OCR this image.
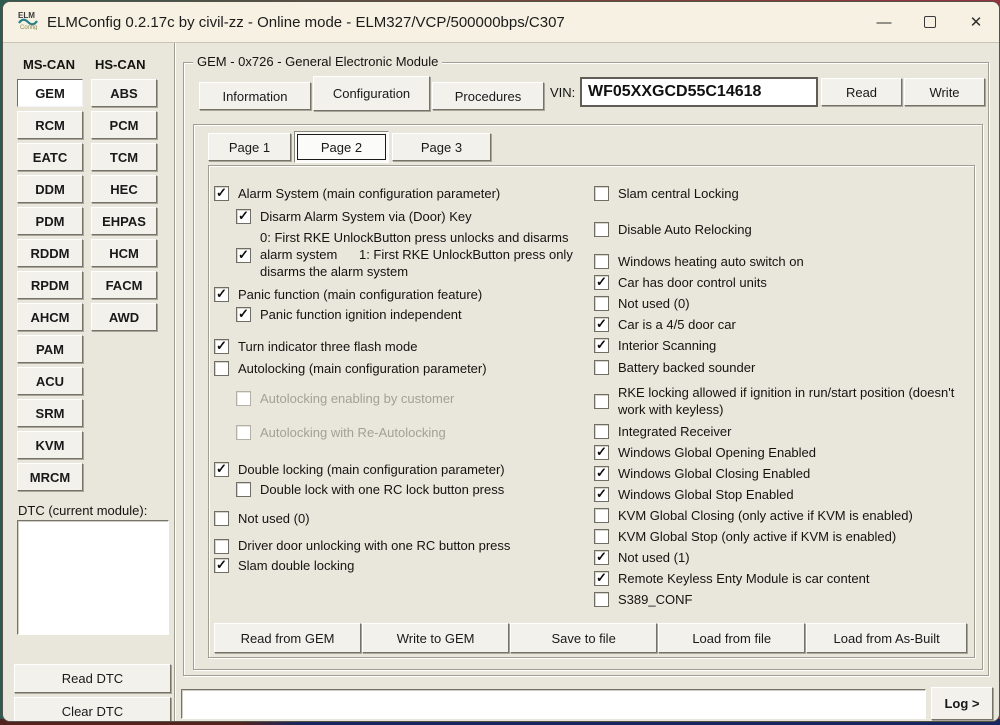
ELM
Config ELMConfig 0.2.17c by civil-zz - Online mode - ELM327/VCP/500000bps/C307	—	✕
MS-CAN HS-CAN
GEM
RCM
EATC
DDM
PDM
RDDM
RPDM
AHCM
PAM
ACU
SRM
KVM
MRCM
ABS
PCM
TCM
HEC
EHPAS
HCM
FACM
AWD
DTC (current module):
Read DTC
Clear DTC
GEM - 0x726 - General Electronic Module
Information	Configuration	Procedures	VIN:
WF05XXGCD55C14618	Read	Write
Page 1	Page 2	Page 3
✓
Alarm System (main configuration parameter)
✓
Disarm Alarm System via (Door) Key
✓
0: First RKE UnlockButton press unlocks and disarms alarm system      1: First RKE UnlockButton press only disarms the alarm system
✓
Panic function (main configuration feature)
✓
Panic function ignition independent
✓
Turn indicator three flash mode
Autolocking (main configuration parameter)
Autolocking enabling by customer
Autolocking with Re-Autolocking
✓
Double locking (main configuration parameter)
Double lock with one RC lock button press
Not used (0)
Driver door unlocking with one RC button press
✓
Slam double locking
Slam central Locking
Disable Auto Relocking
Windows heating auto switch on
✓
Car has door control units
Not used (0)
✓
Car is a 4/5 door car
✓
Interior Scanning
Battery backed sounder
RKE locking allowed if ignition in run/start position (doesn't work with keyless)
Integrated Receiver
✓
Windows Global Opening Enabled
✓
Windows Global Closing Enabled
✓
Windows Global Stop Enabled
KVM Global Closing (only active if KVM is enabled)
KVM Global Stop (only active if KVM is enabled)
✓
Not used (1)
✓
Remote Keyless Enty Module is car content
S389_CONF
Read from GEM	Write to GEM	Save to file	Load from file	Load from As-Built
Log >
